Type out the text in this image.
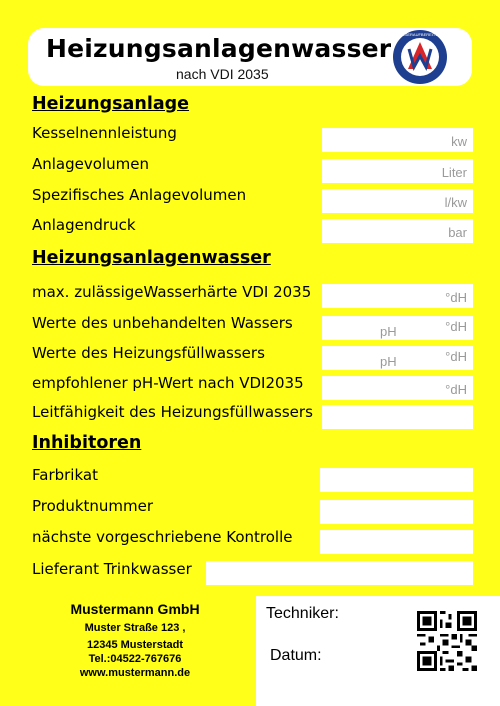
Heizungsanlagenwasser
nach VDI 2035
WASSERAUFBEREITUNG
Heizungsanlage
Kesselnennleistung	kw
Anlagevolumen	Liter
Spezifisches Anlagevolumen	l/kw
Anlagendruck	bar
Heizungsanlagenwasser
max. zulässigeWasserhärte VDI 2035	°dH
Werte des unbehandelten Wassers	pH	°dH
Werte des Heizungsfüllwassers	pH	°dH
empfohlener pH-Wert nach VDI2035	°dH
Leitfähigkeit des Heizungsfüllwassers
Inhibitoren
Farbrikat
Produktnummer
nächste vorgeschriebene Kontrolle
Lieferant Trinkwasser
Mustermann GmbH
Muster Straße 123 ,
12345 Musterstadt
Tel.:04522-767676
www.mustermann.de
Techniker:
Datum:
